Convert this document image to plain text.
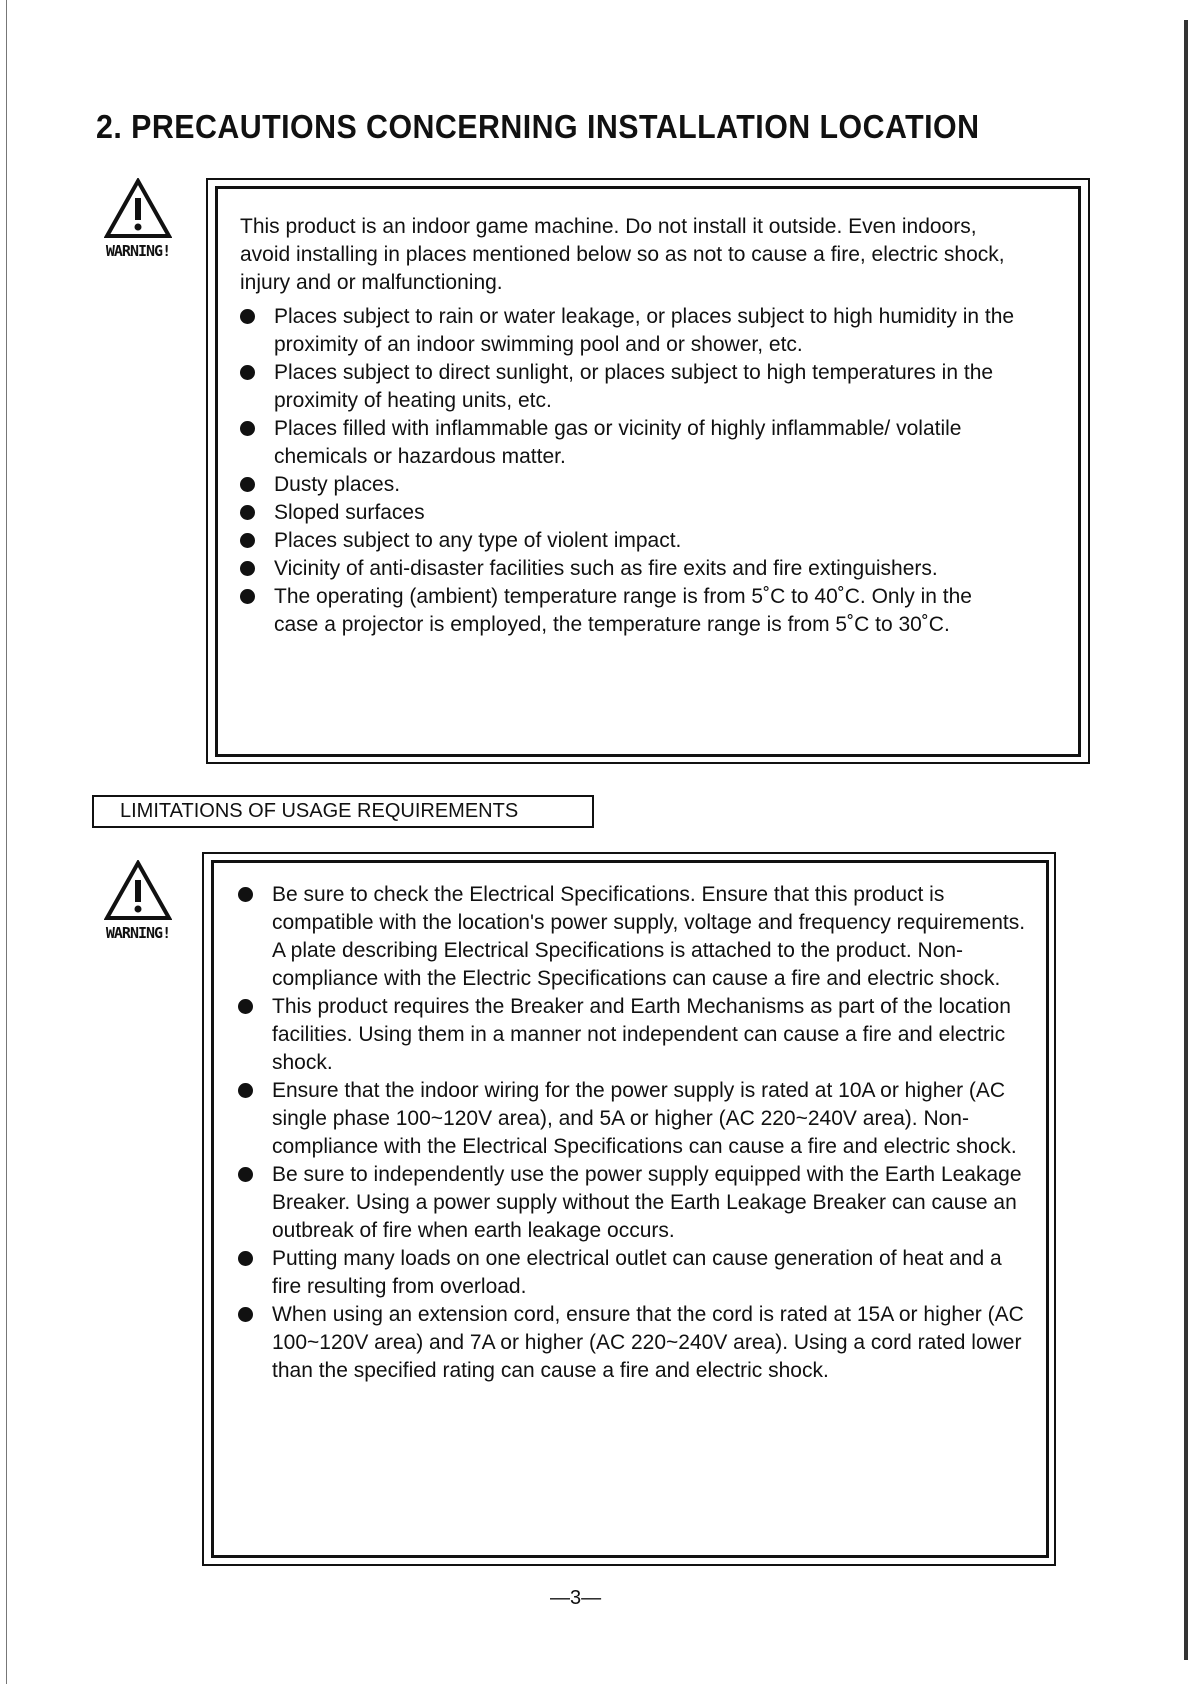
2. PRECAUTIONS CONCERNING INSTALLATION LOCATION
WARNING!

This product is an indoor game machine. Do not install it outside. Even indoors, avoid installing in places mentioned below so as not to cause a fire, electric shock, injury and or malfunctioning.

Places subject to rain or water leakage, or places subject to high humidity in the proximity of an indoor swimming pool and or shower, etc.
Places subject to direct sunlight, or places subject to high temperatures in the proximity of heating units, etc.
Places filled with inflammable gas or vicinity of highly inflammable/ volatile chemicals or hazardous matter.
Dusty places.
Sloped surfaces
Places subject to any type of violent impact.
Vicinity of anti-disaster facilities such as fire exits and fire extinguishers.
The operating (ambient) temperature range is from 5˚C to 40˚C. Only in the case a projector is employed, the temperature range is from 5˚C to 30˚C.
LIMITATIONS OF USAGE REQUIREMENTS
WARNING!
Be sure to check the Electrical Specifications. Ensure that this product is compatible with the location's power supply, voltage and frequency requirements. A plate describing Electrical Specifications is attached to the product. Non-compliance with the Electric Specifications can cause a fire and electric shock.
This product requires the Breaker and Earth Mechanisms as part of the location facilities. Using them in a manner not independent can cause a fire and electric shock.
Ensure that the indoor wiring for the power supply is rated at 10A or higher (AC single phase 100~120V area), and 5A or higher (AC 220~240V area). Non-compliance with the Electrical Specifications can cause a fire and electric shock.
Be sure to independently use the power supply equipped with the Earth Leakage Breaker. Using a power supply without the Earth Leakage Breaker can cause an outbreak of fire when earth leakage occurs.
Putting many loads on one electrical outlet can cause generation of heat and a fire resulting from overload.
When using an extension cord, ensure that the cord is rated at 15A or higher (AC 100~120V area) and 7A or higher (AC 220~240V area). Using a cord rated lower than the specified rating can cause a fire and electric shock.
—3—
